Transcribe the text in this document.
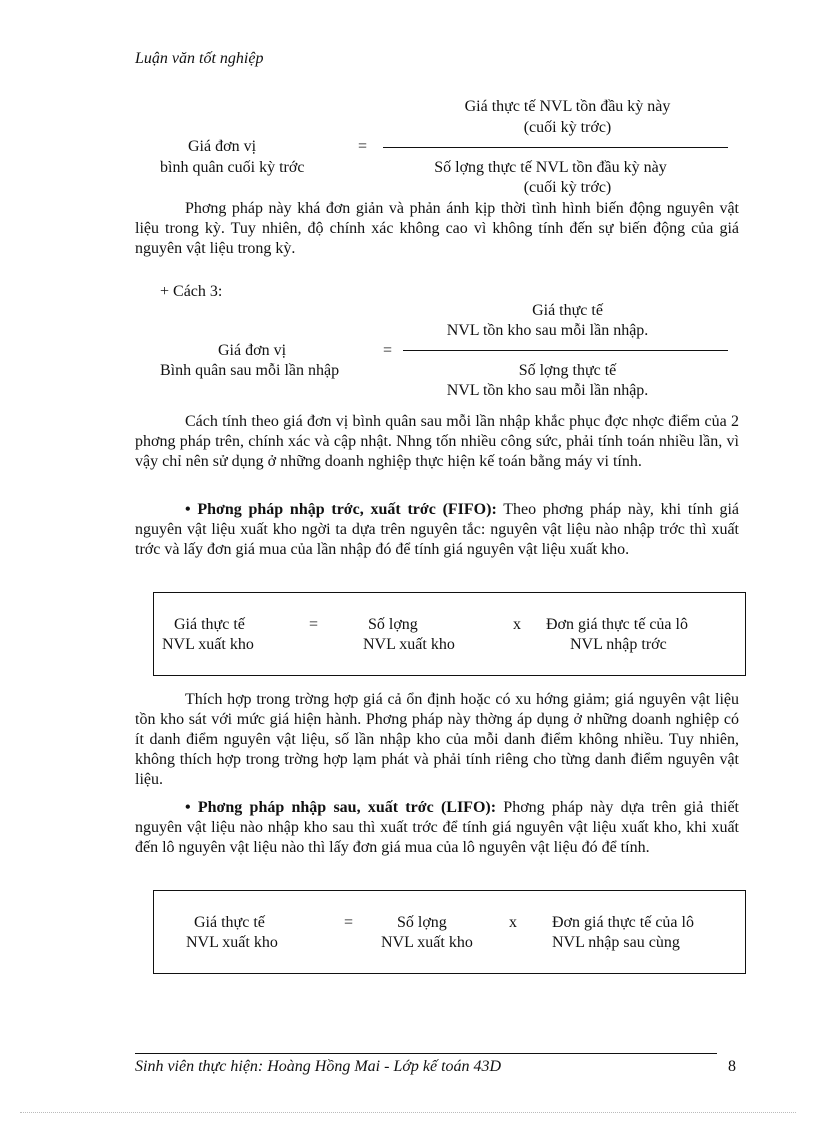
Luận văn tốt nghiệp
Giá thực tế NVL tồn đầu kỳ này
(cuối kỳ trớc)
Giá đơn vị	=
bình quân cuối kỳ trớc	Số lợng thực tế NVL tồn đầu kỳ này
(cuối kỳ trớc)
Phơng pháp này khá đơn giản và phản ánh kịp thời tình hình biến động nguyên vật liệu trong kỳ. Tuy nhiên, độ chính xác không cao vì không tính đến sự biến động của giá nguyên vật liệu trong kỳ.
+ Cách 3:
Giá thực tế
NVL tồn kho sau mỗi lần nhập.
Giá đơn vị	=
Bình quân sau mỗi lần nhập	Số lợng thực tế
NVL tồn kho sau mỗi lần nhập.
Cách tính theo giá đơn vị bình quân sau mỗi lần nhập khắc phục đợc nhợc điểm của 2 phơng pháp trên, chính xác và cập nhật. Nhng tốn nhiều công sức, phải tính toán nhiều lần, vì vậy chỉ nên sử dụng ở những doanh nghiệp thực hiện kế toán bằng máy vi tính.
• Phơng pháp nhập trớc, xuất trớc (FIFO): Theo phơng pháp này, khi tính giá nguyên vật liệu xuất kho ngời ta dựa trên nguyên tắc: nguyên vật liệu nào nhập trớc thì xuất trớc và lấy đơn giá mua của lần nhập đó để tính giá nguyên vật liệu xuất kho.
Giá thực tế
NVL xuất kho
=	Số lợng
NVL xuất kho
x Đơn giá thực tế của lô
NVL nhập trớc
Thích hợp trong trờng hợp giá cả ổn định hoặc có xu hớng giảm; giá nguyên vật liệu tồn kho sát với mức giá hiện hành. Phơng pháp này thờng áp dụng ở những doanh nghiệp có ít danh điểm nguyên vật liệu, số lần nhập kho của mỗi danh điểm không nhiều. Tuy nhiên, không thích hợp trong trờng hợp lạm phát và phải tính riêng cho từng danh điểm nguyên vật liệu.
• Phơng pháp nhập sau, xuất trớc (LIFO): Phơng pháp này dựa trên giả thiết nguyên vật liệu nào nhập kho sau thì xuất trớc để tính giá nguyên vật liệu xuất kho, khi xuất đến lô nguyên vật liệu nào thì lấy đơn giá mua của lô nguyên vật liệu đó để tính.
Giá thực tế
NVL xuất kho
=	Số lợng
NVL xuất kho
x Đơn giá thực tế của lô
NVL nhập sau cùng
Sinh viên thực hiện: Hoàng Hồng Mai - Lớp kế toán 43D	8
